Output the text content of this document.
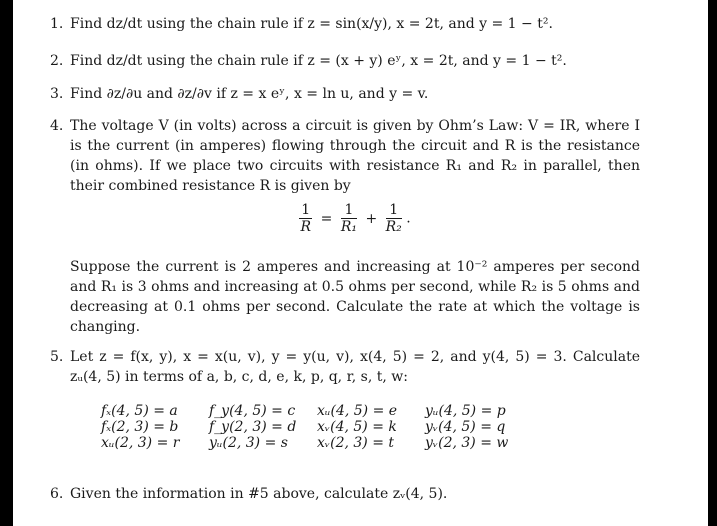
1. Find dz/dt using the chain rule if z = sin(x/y), x = 2t, and y = 1 − t².

2. Find dz/dt using the chain rule if z = (x + y) eʸ, x = 2t, and y = 1 − t².

3. Find ∂z/∂u and ∂z/∂v if z = x eʸ, x = ln u, and y = v.

4. The voltage V (in volts) across a circuit is given by Ohm’s Law: V = IR, where I is the current (in amperes) flowing through the circuit and R is the resistance (in ohms). If we place two circuits with resistance R₁ and R₂ in parallel, then their combined resistance R is given by

$\frac{1}{R} = \frac{1}{\text{R₁}} + \frac{1}{\text{R₂}}$ .

Suppose the current is 2 amperes and increasing at 10⁻² amperes per second and R₁ is 3 ohms and increasing at 0.5 ohms per second, while R₂ is 5 ohms and decreasing at 0.1 ohms per second. Calculate the rate at which the voltage is changing.

5. Let z = f(x, y), x = x(u, v), y = y(u, v), x(4, 5) = 2, and y(4, 5) = 3. Calculate zᵤ(4, 5) in terms of a, b, c, d, e, k, p, q, r, s, t, w:

fₓ(4, 5) = a	f_y(4, 5) = c	xᵤ(4, 5) = e	yᵤ(4, 5) = p
fₓ(2, 3) = b	f_y(2, 3) = d	xᵥ(4, 5) = k	yᵥ(4, 5) = q
xᵤ(2, 3) = r	yᵤ(2, 3) = s	xᵥ(2, 3) = t	yᵥ(2, 3) = w
6. Given the information in #5 above, calculate zᵥ(4, 5).
